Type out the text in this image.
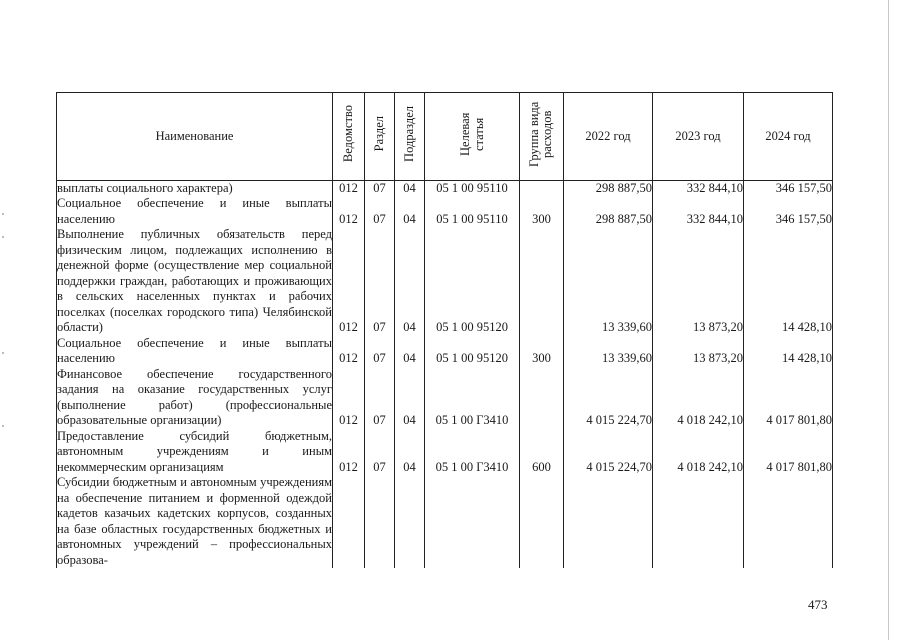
Наименование	Ведомство	Раздел	Подраздел	Целевая статья	Группа вида расходов	2022 год	2023 год	2024 год
выплаты социального характера)	012	07	04	05 1 00 95110		298 887,50	332 844,10	346 157,50
Социальное обеспечение и иные выплаты населению	012	07	04	05 1 00 95110	300	298 887,50	332 844,10	346 157,50
Выполнение публичных обязательств перед физическим лицом, подлежащих исполнению в денежной форме (осуществление мер социальной поддержки граждан, работающих и проживающих в сельских населенных пунктах и рабочих поселках (поселках городского типа) Челябинской области)	012	07	04	05 1 00 95120		13 339,60	13 873,20	14 428,10
Социальное обеспечение и иные выплаты населению	012	07	04	05 1 00 95120	300	13 339,60	13 873,20	14 428,10
Финансовое обеспечение государственного задания на оказание государственных услуг (выполнение работ) (профессиональные образовательные организации)	012	07	04	05 1 00 Г3410		4 015 224,70	4 018 242,10	4 017 801,80
Предоставление субсидий бюджетным, автономным учреждениям и иным некоммерческим организациям	012	07	04	05 1 00 Г3410	600	4 015 224,70	4 018 242,10	4 017 801,80
Субсидии бюджетным и автономным учреждениям на обеспечение питанием и форменной одеждой кадетов казачьих кадетских корпусов, созданных на базе областных государственных бюджетных и автономных учреждений – профессиональных образова-								
473
